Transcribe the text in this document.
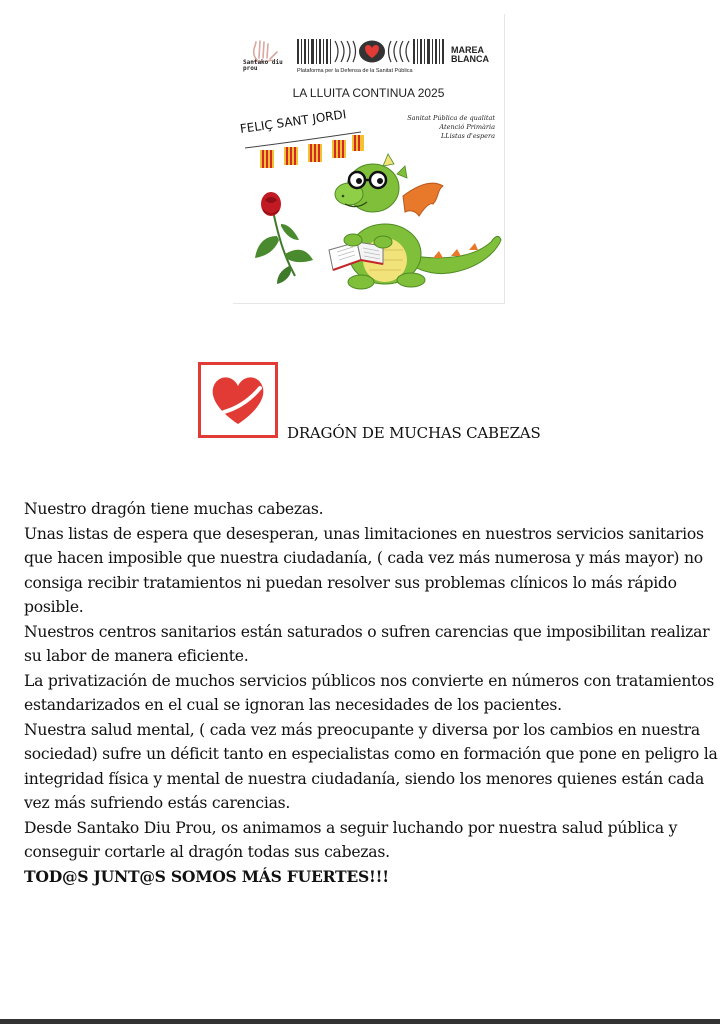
Santako diu prou
MAREA BLANCA
Plataforma per la Defensa de la Sanitat Pública
LA LLUITA CONTINUA 2025
FELIÇ SANT JORDI	Sanitat Pública de qualitat
Atenció Primària
LListas d'espera
DRAGÓN DE MUCHAS CABEZAS

Nuestro dragón tiene muchas cabezas.

Unas listas de espera que desesperan, unas limitaciones en nuestros servicios sanitarios que hacen imposible que nuestra ciudadanía, ( cada vez más numerosa y más mayor) no consiga recibir tratamientos ni puedan resolver sus problemas clínicos lo más rápido posible.

Nuestros centros sanitarios están saturados o sufren carencias que imposibilitan realizar su labor de manera eficiente.

La privatización de muchos servicios públicos nos convierte en números con tratamientos estandarizados en el cual se ignoran las necesidades de los pacientes.

Nuestra salud mental, ( cada vez más preocupante y diversa por los cambios en nuestra sociedad) sufre un déficit tanto en especialistas como en formación que pone en peligro la integridad física y mental de nuestra ciudadanía, siendo los menores quienes están cada vez más sufriendo estás carencias.

Desde Santako Diu Prou, os animamos a seguir luchando por nuestra salud pública y conseguir cortarle al dragón todas sus cabezas.

TOD@S JUNT@S SOMOS MÁS FUERTES!!!
